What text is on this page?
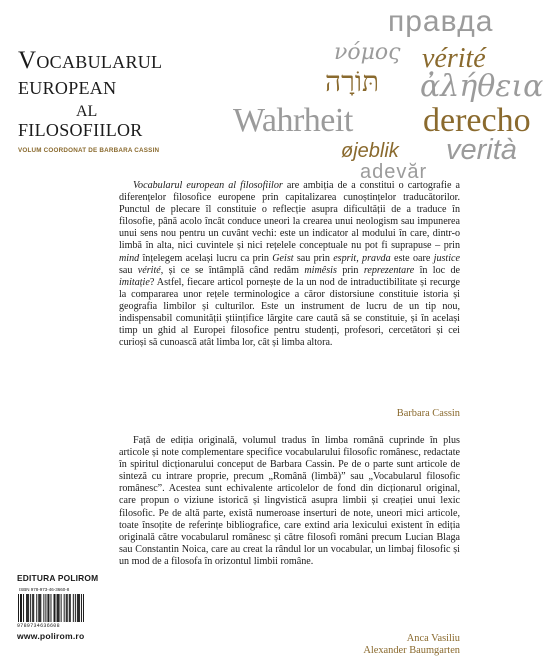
Vocabularul
european
al
filosofiilor
VOLUM COORDONAT DE BARBARA CASSIN
правда
νόμος vérité
תּוֹרָה ἀλήθεια
Wahrheit derecho
øjeblik verità
adevăr

Vocabularul european al filosofiilor are ambiția de a constitui o cartografie a diferențelor filosofice europene prin capitalizarea cunoștințelor traducătorilor. Punctul de plecare îl constituie o reflecție asupra dificultății de a traduce în filosofie, până acolo încât conduce uneori la crearea unui neologism sau impunerea unui sens nou pentru un cuvânt vechi: este un indicator al modului în care, dintr-o limbă în alta, nici cuvintele și nici rețelele conceptuale nu pot fi suprapuse – prin mind înțelegem același lucru ca prin Geist sau prin esprit, pravda este oare justice sau vérité, și ce se întâmplă când redăm mimêsis prin reprezentare în loc de imitație? Astfel, fiecare articol pornește de la un nod de intraductibilitate și recurge la compararea unor rețele terminologice a căror distorsiune constituie istoria și geografia limbilor și culturilor. Este un instrument de lucru de un tip nou, indispensabil comunității științifice lărgite care caută să se constituie, și în același timp un ghid al Europei filosofice pentru studenți, profesori, cercetători și cei curioși să cunoască atât limba lor, cât și limba altora.

Barbara Cassin
Față de ediția originală, volumul tradus în limba română cuprinde în plus articole și note complementare specifice vocabularului filosofic românesc, redactate în spiritul dicționarului conceput de Barbara Cassin. Pe de o parte sunt articole de sinteză cu intrare proprie, precum „Română (limbă)” sau „Vocabularul filosofic românesc”. Acestea sunt echivalente articolelor de fond din dicționarul original, care propun o viziune istorică și lingvistică asupra limbii și creației unui lexic filosofic. Pe de altă parte, există numeroase inserturi de note, uneori mici articole, toate însoțite de referințe bibliografice, care extind aria lexicului existent în ediția originală către vocabularul românesc și către filosofi români precum Lucian Blaga sau Constantin Noica, care au creat la rândul lor un vocabular, un limbaj filosofic și un mod de a filosofa în orizontul limbii române.
Anca Vasiliu
Alexander Baumgarten
EDITURA POLIROM
ISBN 978-973-46-3660-8
9789734636608
www.polirom.ro
